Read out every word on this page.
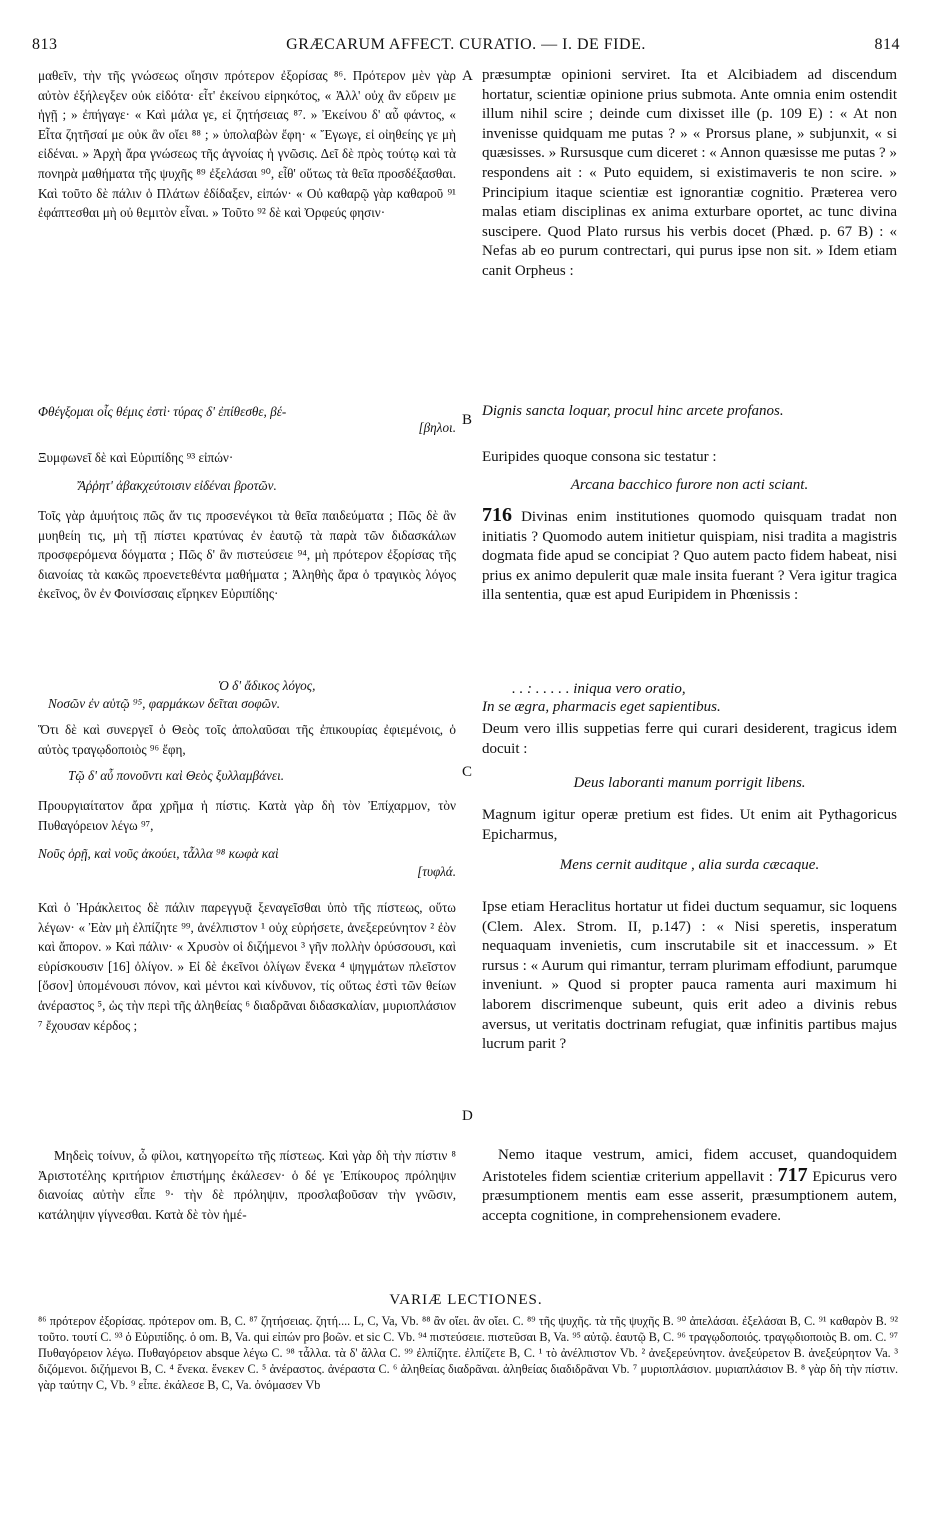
813	GRÆCARUM AFFECT. CURATIO. — I. DE FIDE.	814
A
B
C
D

μαθεῖν, τὴν τῆς γνώσεως οἴησιν πρότερον ἐξορίσας ⁸⁶. Πρότερον μὲν γὰρ αὐτὸν ἐξήλεγξεν οὐκ εἰδότα· εἶτ' ἐκείνου εἰρηκότος, « Ἀλλ' οὐχ ἂν εὕρειν με ἡγῇ ; » ἐπήγαγε· « Καὶ μάλα γε, εἰ ζητήσειας ⁸⁷. » Ἐκείνου δ' αὖ φάντος, « Εἶτα ζητῆσαί με οὐκ ἂν οἴει ⁸⁸ ; » ὑπολαβὼν ἔφη· « Ἔγωγε, εἰ οἰηθείης γε μὴ εἰδέναι. » Ἀρχὴ ἄρα γνώσεως τῆς ἀγνοίας ἡ γνῶσις. Δεῖ δὲ πρὸς τούτῳ καὶ τὰ πονηρὰ μαθήματα τῆς ψυχῆς ⁸⁹ ἐξελάσαι ⁹⁰, εἶθ' οὕτως τὰ θεῖα προσδέξασθαι. Καὶ τοῦτο δὲ πάλιν ὁ Πλάτων ἐδίδαξεν, εἰπών· « Οὐ καθαρῷ γὰρ καθαροῦ ⁹¹ ἐφάπτεσθαι μὴ οὐ θεμιτὸν εἶναι. » Τοῦτο ⁹² δὲ καὶ Ὀρφεύς φησιν·

Φθέγξομαι οἷς θέμις ἐστὶ· τύρας δ' ἐπίθεσθε, βέ-

[βηλοι.

Ξυμφωνεῖ δὲ καὶ Εὐριπίδης ⁹³ εἰπών·

Ἄῤῥητ' ἀβακχεύτοισιν εἰδέναι βροτῶν.

Τοῖς γὰρ ἀμυήτοις πῶς ἄν τις προσενέγκοι τὰ θεῖα παιδεύματα ; Πῶς δὲ ἂν μυηθείη τις, μὴ τῇ πίστει κρατύνας ἐν ἑαυτῷ τὰ παρὰ τῶν διδασκάλων προσφερόμενα δόγματα ; Πῶς δ' ἂν πιστεύσειε ⁹⁴, μὴ πρότερον ἐξορίσας τῆς διανοίας τὰ κακῶς προενετεθέντα μαθήματα ; Ἀληθὴς ἄρα ὁ τραγικὸς λόγος ἐκεῖνος, ὃν ἐν Φοινίσσαις εἴρηκεν Εὐριπίδης·

Ὁ δ' ἄδικος λόγος,

Νοσῶν ἐν αὑτῷ ⁹⁵, φαρμάκων δεῖται σοφῶν.

Ὅτι δὲ καὶ συνεργεῖ ὁ Θεὸς τοῖς ἀπολαῦσαι τῆς ἐπικουρίας ἐφιεμένοις, ὁ αὐτὸς τραγῳδοποιὸς ⁹⁶ ἔφη,

Τῷ δ' αὖ πονοῦντι καὶ Θεὸς ξυλλαμβάνει.

Προυργιαίτατον ἄρα χρῆμα ἡ πίστις. Κατὰ γὰρ δὴ τὸν Ἐπίχαρμον, τὸν Πυθαγόρειον λέγω ⁹⁷,

Νοῦς ὁρῇ, καὶ νοῦς ἀκούει, τἆλλα ⁹⁸ κωφὰ καὶ

[τυφλά.

Καὶ ὁ Ἡράκλειτος δὲ πάλιν παρεγγυᾷ ξεναγεῖσθαι ὑπὸ τῆς πίστεως, οὕτω λέγων· « Ἐὰν μὴ ἐλπίζητε ⁹⁹, ἀνέλπιστον ¹ οὐχ εὑρήσετε, ἀνεξερεύνητον ² ἐὸν καὶ ἄπορον. » Καὶ πάλιν· « Χρυσὸν οἱ διζήμενοι ³ γῆν πολλὴν ὀρύσσουσι, καὶ εὑρίσκουσιν [16] ὀλίγον. » Εἰ δὲ ἐκεῖνοι ὀλίγων ἕνεκα ⁴ ψηγμάτων πλεῖστον [ὅσον] ὑπομένουσι πόνον, καὶ μέντοι καὶ κίνδυνον, τίς οὕτως ἐστὶ τῶν θείων ἀνέραστος ⁵, ὡς τὴν περὶ τῆς ἀληθείας ⁶ διαδρᾶναι διδασκαλίαν, μυριοπλάσιον ⁷ ἔχουσαν κέρδος ;

Μηδεὶς τοίνυν, ὦ φίλοι, κατηγορείτω τῆς πίστεως. Καὶ γὰρ δὴ τὴν πίστιν ⁸ Ἀριστοτέλης κριτήριον ἐπιστήμης ἐκάλεσεν· ὁ δέ γε Ἐπίκουρος πρόληψιν διανοίας αὐτὴν εἶπε ⁹· τὴν δὲ πρόληψιν, προσλαβοῦσαν τὴν γνῶσιν, κατάληψιν γίγνεσθαι. Κατὰ δὲ τὸν ἡμέ-

præsumptæ opinioni serviret. Ita et Alcibiadem ad discendum hortatur, scientiæ opinione prius submota. Ante omnia enim ostendit illum nihil scire ; deinde cum dixisset ille (p. 109 E) : « At non invenisse quidquam me putas ? » « Prorsus plane, » subjunxit, « si quæsisses. » Rursusque cum diceret : « Annon quæsisse me putas ? » respondens ait : « Puto equidem, si existimaveris te non scire. » Principium itaque scientiæ est ignorantiæ cognitio. Præterea vero malas etiam disciplinas ex anima exturbare oportet, ac tunc divina suscipere. Quod Plato rursus his verbis docet (Phæd. p. 67 B) : « Nefas ab eo purum contrectari, qui purus ipse non sit. » Idem etiam canit Orpheus :

Dignis sancta loquar, procul hinc arcete profanos.

Euripides quoque consona sic testatur :

Arcana bacchico furore non acti sciant.

716 Divinas enim institutiones quomodo quisquam tradat non initiatis ? Quomodo autem initietur quispiam, nisi tradita a magistris dogmata fide apud se concipiat ? Quo autem pacto fidem habeat, nisi prius ex animo depulerit quæ male insita fuerant ? Vera igitur tragica illa sententia, quæ est apud Euripidem in Phœnissis :

. . : . . . . . iniqua vero oratio,

In se ægra, pharmacis eget sapientibus.

Deum vero illis suppetias ferre qui curari desiderent, tragicus idem docuit :

Deus laboranti manum porrigit libens.

Magnum igitur operæ pretium est fides. Ut enim ait Pythagoricus Epicharmus,

Mens cernit auditque , alia surda cæcaque.

Ipse etiam Heraclitus hortatur ut fidei ductum sequamur, sic loquens (Clem. Alex. Strom. II, p.147) : « Nisi speretis, insperatum nequaquam invenietis, cum inscrutabile sit et inaccessum. » Et rursus : « Aurum qui rimantur, terram plurimam effodiunt, parumque inveniunt. » Quod si propter pauca ramenta auri maximum hi laborem discrimenque subeunt, quis erit adeo a divinis rebus aversus, ut veritatis doctrinam refugiat, quæ infinitis partibus majus lucrum parit ?

Nemo itaque vestrum, amici, fidem accuset, quandoquidem Aristoteles fidem scientiæ criterium appellavit : 717 Epicurus vero præsumptionem mentis eam esse asserit, præsumptionem autem, accepta cognitione, in comprehensionem evadere.

VARIÆ LECTIONES.
⁸⁶ πρότερον ἐξορίσας. πρότερον om. B, C. ⁸⁷ ζητήσειας. ζητή.... L, C, Va, Vb. ⁸⁸ ἂν οἴει. ἂν οἴει. C. ⁸⁹ τῆς ψυχῆς. τὰ τῆς ψυχῆς B. ⁹⁰ ἀπελάσαι. ἐξελάσαι B, C. ⁹¹ καθαρὸν B. ⁹² τοῦτο. τουτί C. ⁹³ ὁ Εὐριπίδης. ὁ om. B, Va. qui εἰπών pro βοῶν. et sic C. Vb. ⁹⁴ πιστεύσειε. πιστεῦσαι B, Va. ⁹⁵ αὐτῷ. ἑαυτῷ B, C. ⁹⁶ τραγῳδοποιός. τραγῳδιοποιὸς B. om. C. ⁹⁷ Πυθαγόρειον λέγω. Πυθαγόρειον absque λέγω C. ⁹⁸ τἆλλα. τὰ δ' ἄλλα C. ⁹⁹ ἐλπίζητε. ἐλπίζετε B, C. ¹ τὸ ἀνέλπιστον Vb. ² ἀνεξερεύνητον. ἀνεξεύρετον B. ἀνεξεύρητον Va. ³ διζόμενοι. διζήμενοι B, C. ⁴ ἕνεκα. ἕνεκεν C. ⁵ ἀνέραστος. ἀνέραστα C. ⁶ ἀληθείας διαδρᾶναι. ἀληθείας διαδιδρᾶναι Vb. ⁷ μυριοπλάσιον. μυριαπλάσιον B. ⁸ γὰρ δὴ τὴν πίστιν. γὰρ ταύτην C, Vb. ⁹ εἶπε. ἐκάλεσε B, C, Va. ὀνόμασεν Vb
